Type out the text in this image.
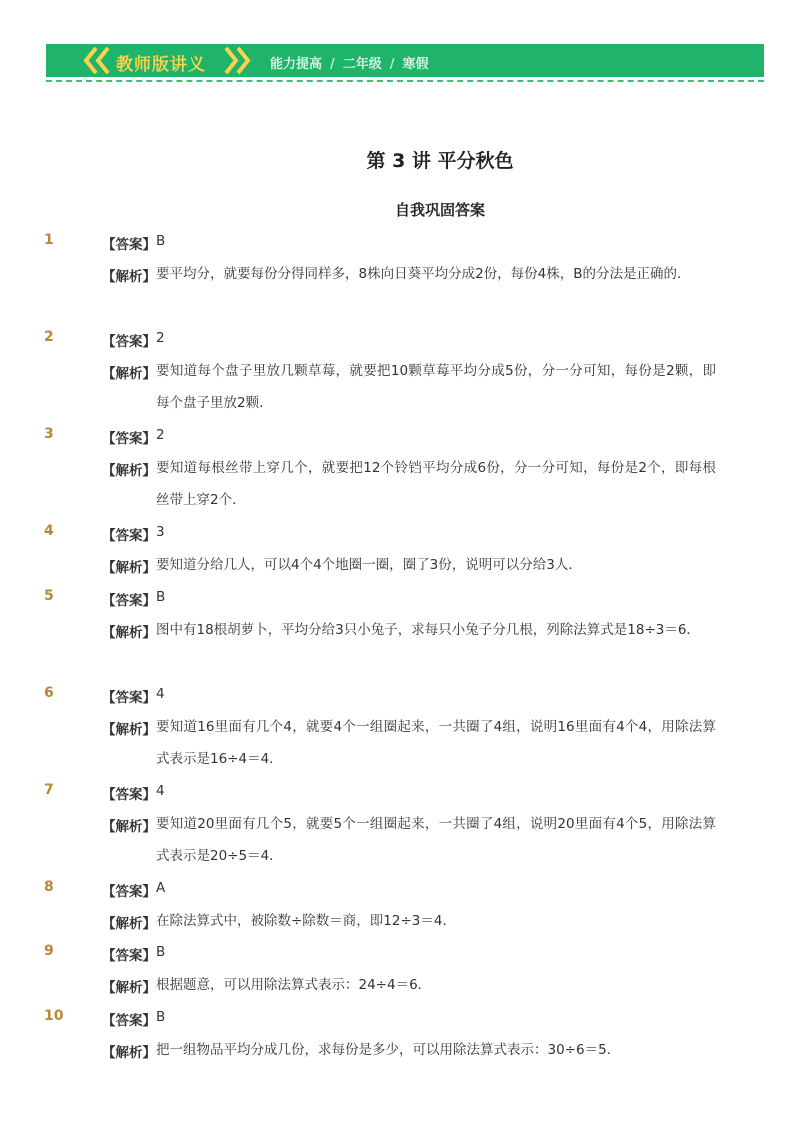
教师版讲义	能力提高 / 二年级 / 寒假
第 3 讲 平分秋色
自我巩固答案
1	【答案】 B
【解析】 要平均分，就要每份分得同样多，8株向日葵平均分成2份，每份4株，B的分法是正确的．
2	【答案】 2
【解析】 要知道每个盘子里放几颗草莓，就要把10颗草莓平均分成5份，分一分可知，每份是2颗，即每个盘子里放2颗．
3	【答案】 2
【解析】 要知道每根丝带上穿几个，就要把12个铃铛平均分成6份，分一分可知，每份是2个，即每根丝带上穿2个．
4	【答案】 3
【解析】 要知道分给几人，可以4个4个地圈一圈，圈了3份，说明可以分给3人．
5	【答案】 B
【解析】 图中有18根胡萝卜，平均分给3只小兔子，求每只小兔子分几根，列除法算式是18÷3＝6．
6	【答案】 4
【解析】 要知道16里面有几个4，就要4个一组圈起来，一共圈了4组，说明16里面有4个4，用除法算式表示是16÷4＝4．
7	【答案】 4
【解析】 要知道20里面有几个5，就要5个一组圈起来，一共圈了4组，说明20里面有4个5，用除法算式表示是20÷5＝4．
8	【答案】 A
【解析】 在除法算式中，被除数÷除数＝商，即12÷3＝4．
9	【答案】 B
【解析】 根据题意，可以用除法算式表示：24÷4＝6．
10	【答案】 B
【解析】 把一组物品平均分成几份，求每份是多少，可以用除法算式表示：30÷6＝5．
